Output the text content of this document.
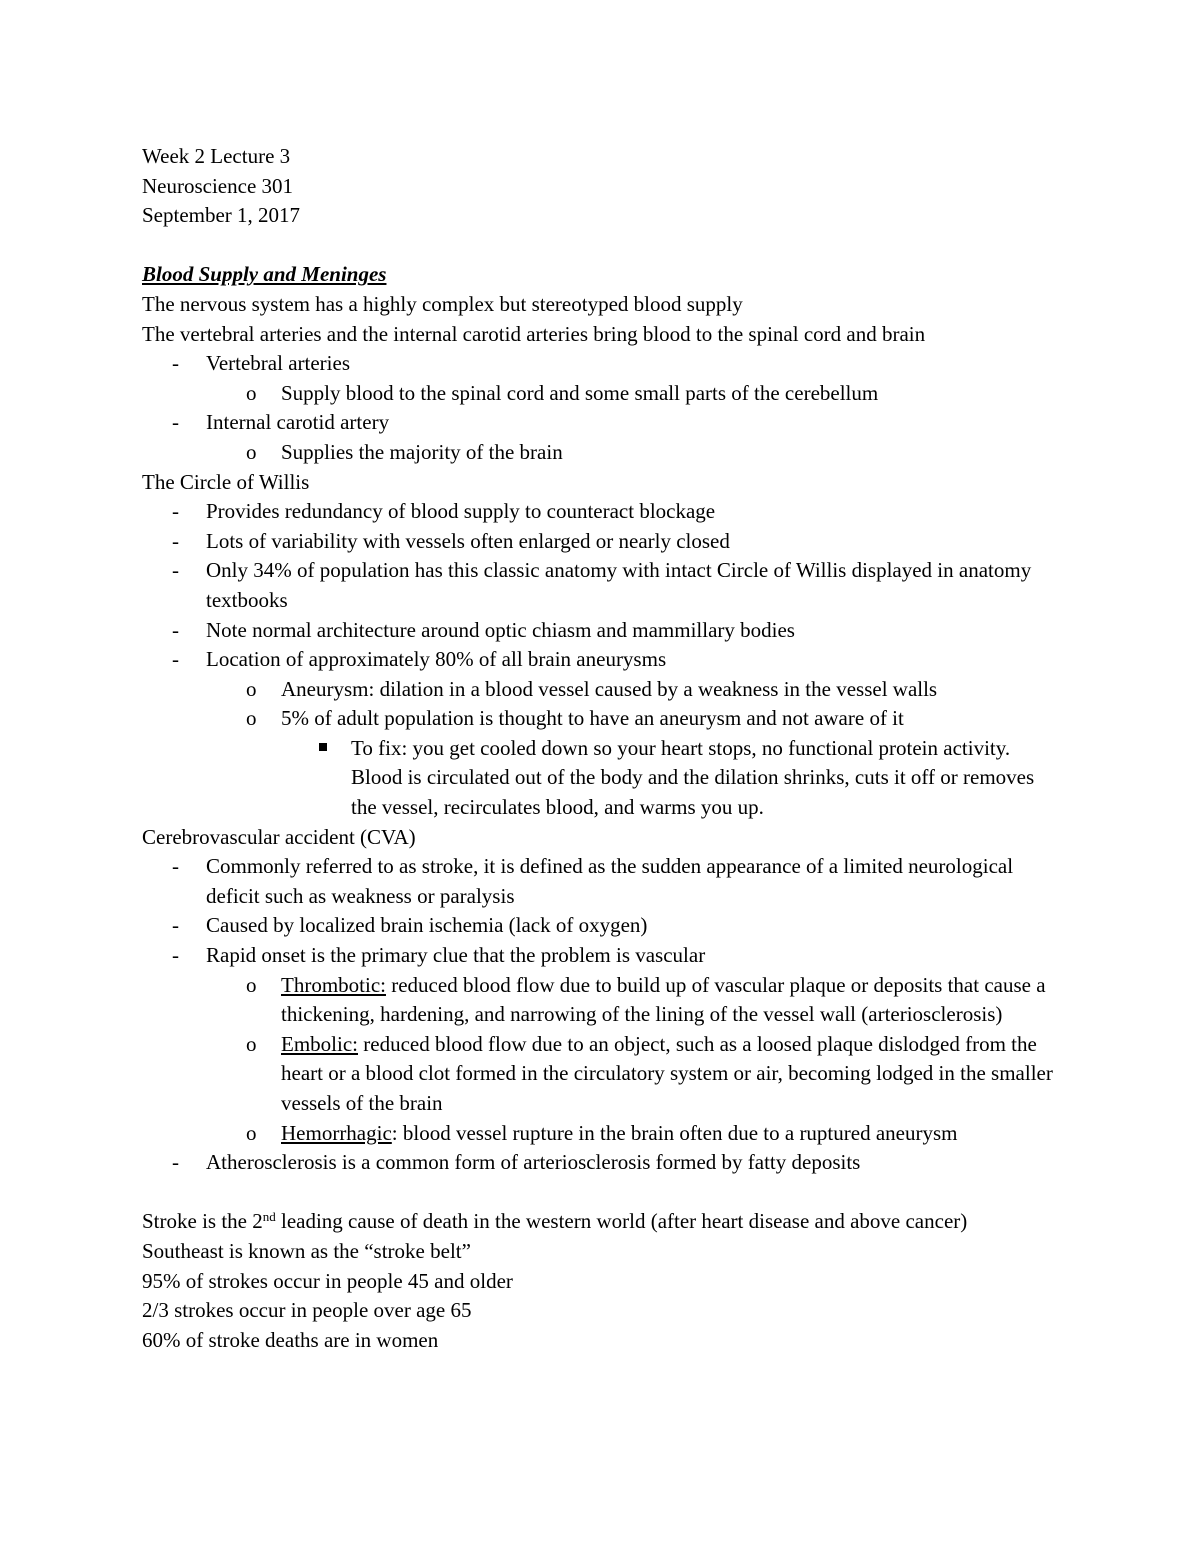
Week 2 Lecture 3
Neuroscience 301
September 1, 2017
Blood Supply and Meninges
The nervous system has a highly complex but stereotyped blood supply
The vertebral arteries and the internal carotid arteries bring blood to the spinal cord and brain
-	Vertebral arteries
o	Supply blood to the spinal cord and some small parts of the cerebellum
-	Internal carotid artery
o	Supplies the majority of the brain
The Circle of Willis
-	Provides redundancy of blood supply to counteract blockage
-	Lots of variability with vessels often enlarged or nearly closed
-	Only 34% of population has this classic anatomy with intact Circle of Willis displayed in anatomy textbooks
-	Note normal architecture around optic chiasm and mammillary bodies
-	Location of approximately 80% of all brain aneurysms
o	Aneurysm: dilation in a blood vessel caused by a weakness in the vessel walls
o	5% of adult population is thought to have an aneurysm and not aware of it
To fix: you get cooled down so your heart stops, no functional protein activity. Blood is circulated out of the body and the dilation shrinks, cuts it off or removes the vessel, recirculates blood, and warms you up.
Cerebrovascular accident (CVA)
-	Commonly referred to as stroke, it is defined as the sudden appearance of a limited neurological deficit such as weakness or paralysis
-	Caused by localized brain ischemia (lack of oxygen)
-	Rapid onset is the primary clue that the problem is vascular
o	Thrombotic: reduced blood flow due to build up of vascular plaque or deposits that cause a thickening, hardening, and narrowing of the lining of the vessel wall (arteriosclerosis)
o	Embolic: reduced blood flow due to an object, such as a loosed plaque dislodged from the heart or a blood clot formed in the circulatory system or air, becoming lodged in the smaller vessels of the brain
o	Hemorrhagic: blood vessel rupture in the brain often due to a ruptured aneurysm
-	Atherosclerosis is a common form of arteriosclerosis formed by fatty deposits
Stroke is the 2nd leading cause of death in the western world (after heart disease and above cancer)
Southeast is known as the “stroke belt”
95% of strokes occur in people 45 and older
2/3 strokes occur in people over age 65
60% of stroke deaths are in women
